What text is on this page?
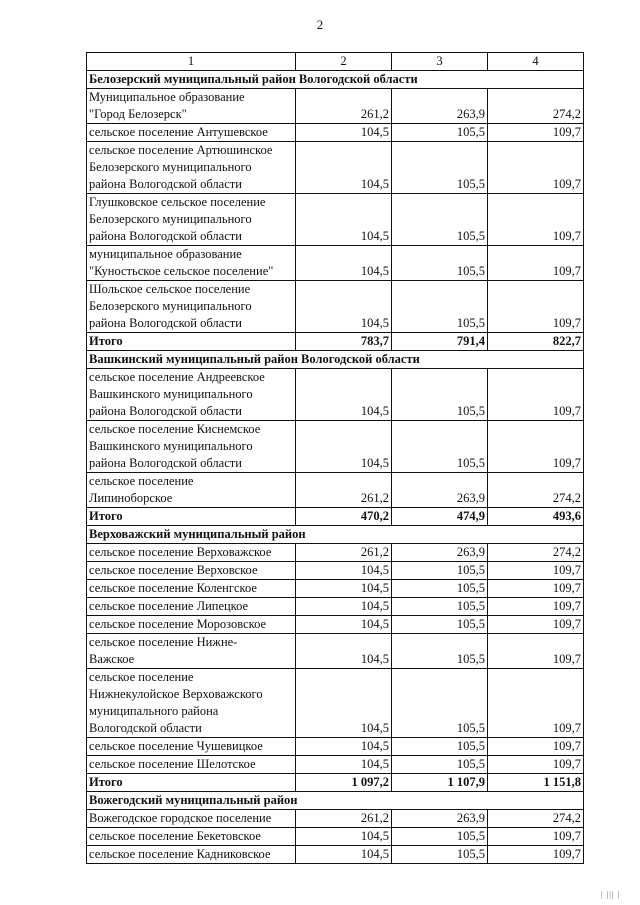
2
1	2	3	4
Белозерский муниципальный район Вологодской области			

Муниципальное образование
"Город Белозерск"	261,2	263,9	274,2

сельское поселение Антушевское	104,5	105,5	109,7

сельское поселение Артюшинское
Белозерского муниципального
района Вологодской области	104,5	105,5	109,7

Глушковское сельское поселение
Белозерского муниципального
района Вологодской области	104,5	105,5	109,7

муниципальное образование
"Куностьское сельское поселение"	104,5	105,5	109,7

Шольское сельское поселение
Белозерского муниципального
района Вологодской области	104,5	105,5	109,7
Итого	783,7	791,4	822,7
Вашкинский муниципальный район Вологодской области			

сельское поселение Андреевское
Вашкинского муниципального
района Вологодской области	104,5	105,5	109,7

сельское поселение Киснемское
Вашкинского муниципального
района Вологодской области	104,5	105,5	109,7

сельское поселение
Липиноборское	261,2	263,9	274,2
Итого	470,2	474,9	493,6
Верховажский муниципальный район			

сельское поселение Верховажское	261,2	263,9	274,2

сельское поселение Верховское	104,5	105,5	109,7

сельское поселение Коленгское	104,5	105,5	109,7

сельское поселение Липецкое	104,5	105,5	109,7

сельское поселение Морозовское	104,5	105,5	109,7

сельское поселение Нижне-
Важское	104,5	105,5	109,7

сельское поселение
Нижнекулойское Верховажского
муниципального района
Вологодской области	104,5	105,5	109,7

сельское поселение Чушевицкое	104,5	105,5	109,7

сельское поселение Шелотское	104,5	105,5	109,7
Итого	1 097,2	1 107,9	1 151,8
Вожегодский муниципальный район			

Вожегодское городское поселение	261,2	263,9	274,2

сельское поселение Бекетовское	104,5	105,5	109,7

сельское поселение Кадниковское	104,5	105,5	109,7
| ||| |
